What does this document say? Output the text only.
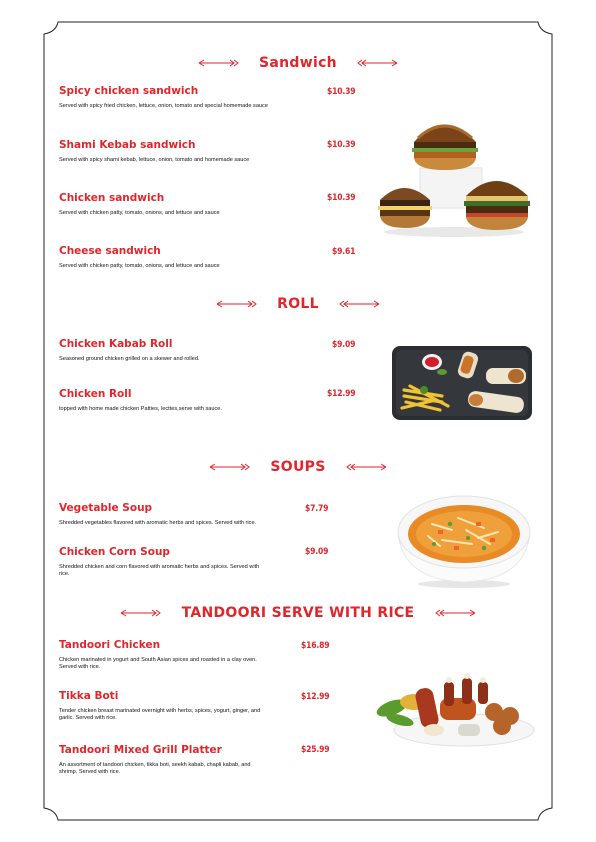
Sandwich
Spicy chicken sandwich
Served with spicy fried chicken, lettuce, onion, tomato and special homemade sauce
$10.39
Shami Kebab sandwich
Served with spicy shami kebab, lettuce, onion, tomato and homemade sauce
$10.39
Chicken sandwich
Served with chicken patty, tomato, onions, and lettuce and sauce
$10.39
Cheese sandwich
Served with chicken patty, tomato, onions, and lettuce and sauce
$9.61
ROLL
Chicken Kabab Roll
Seasoned ground chicken grilled on a skewer and rolled.
$9.09
Chicken Roll
topped with home made chicken Patties, lecttes,serve with sauce.
$12.99
SOUPS
Vegetable Soup
Shredded vegetables flavored with aromatic herbs and spices. Served with rice.
$7.79
Chicken Corn Soup
Shredded chicken and corn flavored with aromatic herbs and spices. Served with rice.
$9.09
TANDOORI SERVE WITH RICE
Tandoori Chicken
Chicken marinated in yogurt and South Asian spices and roasted in a clay oven. Served with rice.
$16.89
Tikka Boti
Tender chicken breast marinated overnight with herbs, spices, yogurt, ginger, and garlic. Served with rice.
$12.99
Tandoori Mixed Grill Platter
An assortment of tandoori chicken, tikka boti, seekh kabab, chapli kabab, and shrimp. Served with rice.
$25.99
